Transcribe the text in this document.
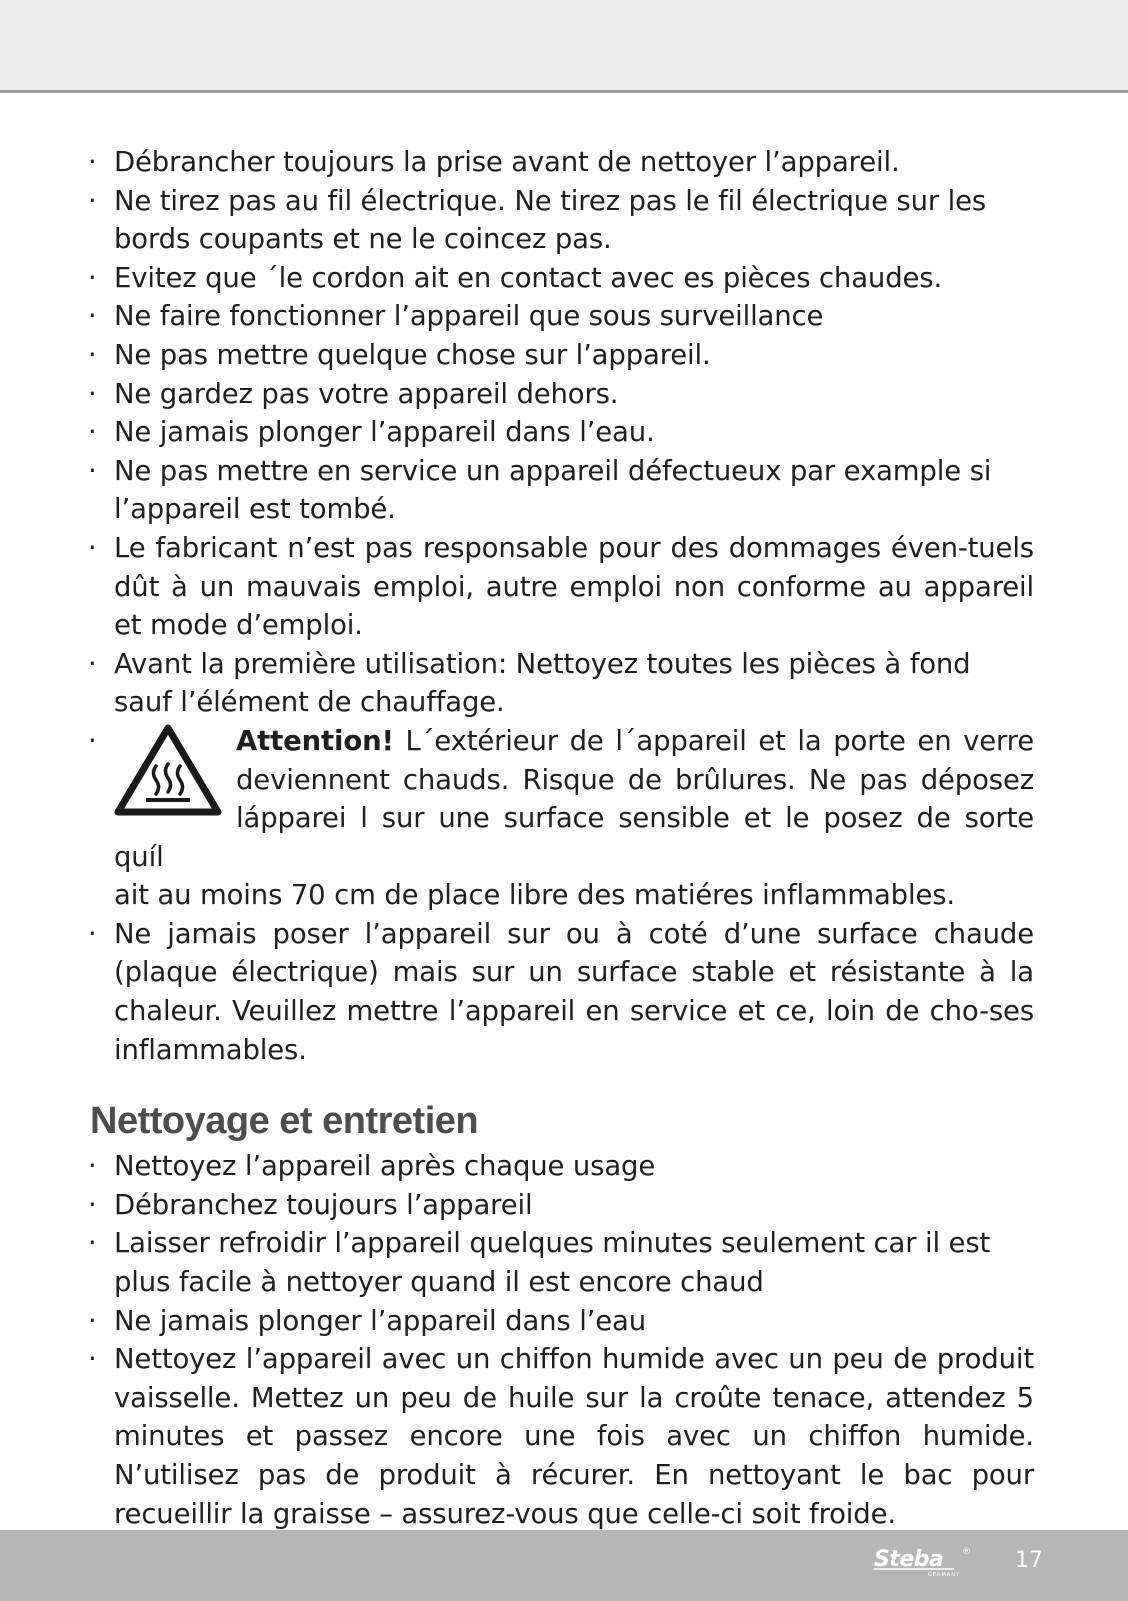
· Débrancher toujours la prise avant de nettoyer l’appareil.
· Ne tirez pas au fil électrique. Ne tirez pas le fil électrique sur les bords coupants et ne le coincez pas.
· Evitez que ´le cordon ait en contact avec es pièces chaudes.
· Ne faire fonctionner l’appareil que sous surveillance
· Ne pas mettre quelque chose sur l’appareil.
· Ne gardez pas votre appareil dehors.
· Ne jamais plonger l’appareil dans l’eau.
· Ne pas mettre en service un appareil défectueux par example si l’appareil est tombé.
· Le fabricant n’est pas responsable pour des dommages éven-tuels dût à un mauvais emploi, autre emploi non conforme au appareil et mode d’emploi.
· Avant la première utilisation: Nettoyez toutes les pièces à fond sauf l’élément de chauffage.
· Attention! L´extérieur de l´appareil et la porte en verre deviennent chauds. Risque de brûlures. Ne pas déposez lápparei l sur une surface sensible et le posez de sorte quíl
ait au moins 70 cm de place libre des matiéres inflammables.
· Ne jamais poser l’appareil sur ou à coté d’une surface chaude (plaque électrique) mais sur un surface stable et résistante à la chaleur. Veuillez mettre l’appareil en service et ce, loin de cho-ses inflammables.
Nettoyage et entretien
· Nettoyez l’appareil après chaque usage
· Débranchez toujours l’appareil
· Laisser refroidir l’appareil quelques minutes seulement car il est plus facile à nettoyer quand il est encore chaud
· Ne jamais plonger l’appareil dans l’eau
· Nettoyez l’appareil avec un chiffon humide avec un peu de produit vaisselle. Mettez un peu de huile sur la croûte tenace, attendez 5 minutes et passez encore une fois avec un chiffon humide. N’utilisez pas de produit à récurer. En nettoyant le bac pour recueillir la graisse – assurez-vous que celle-ci soit froide.
Steba ®
GERMANY
17
